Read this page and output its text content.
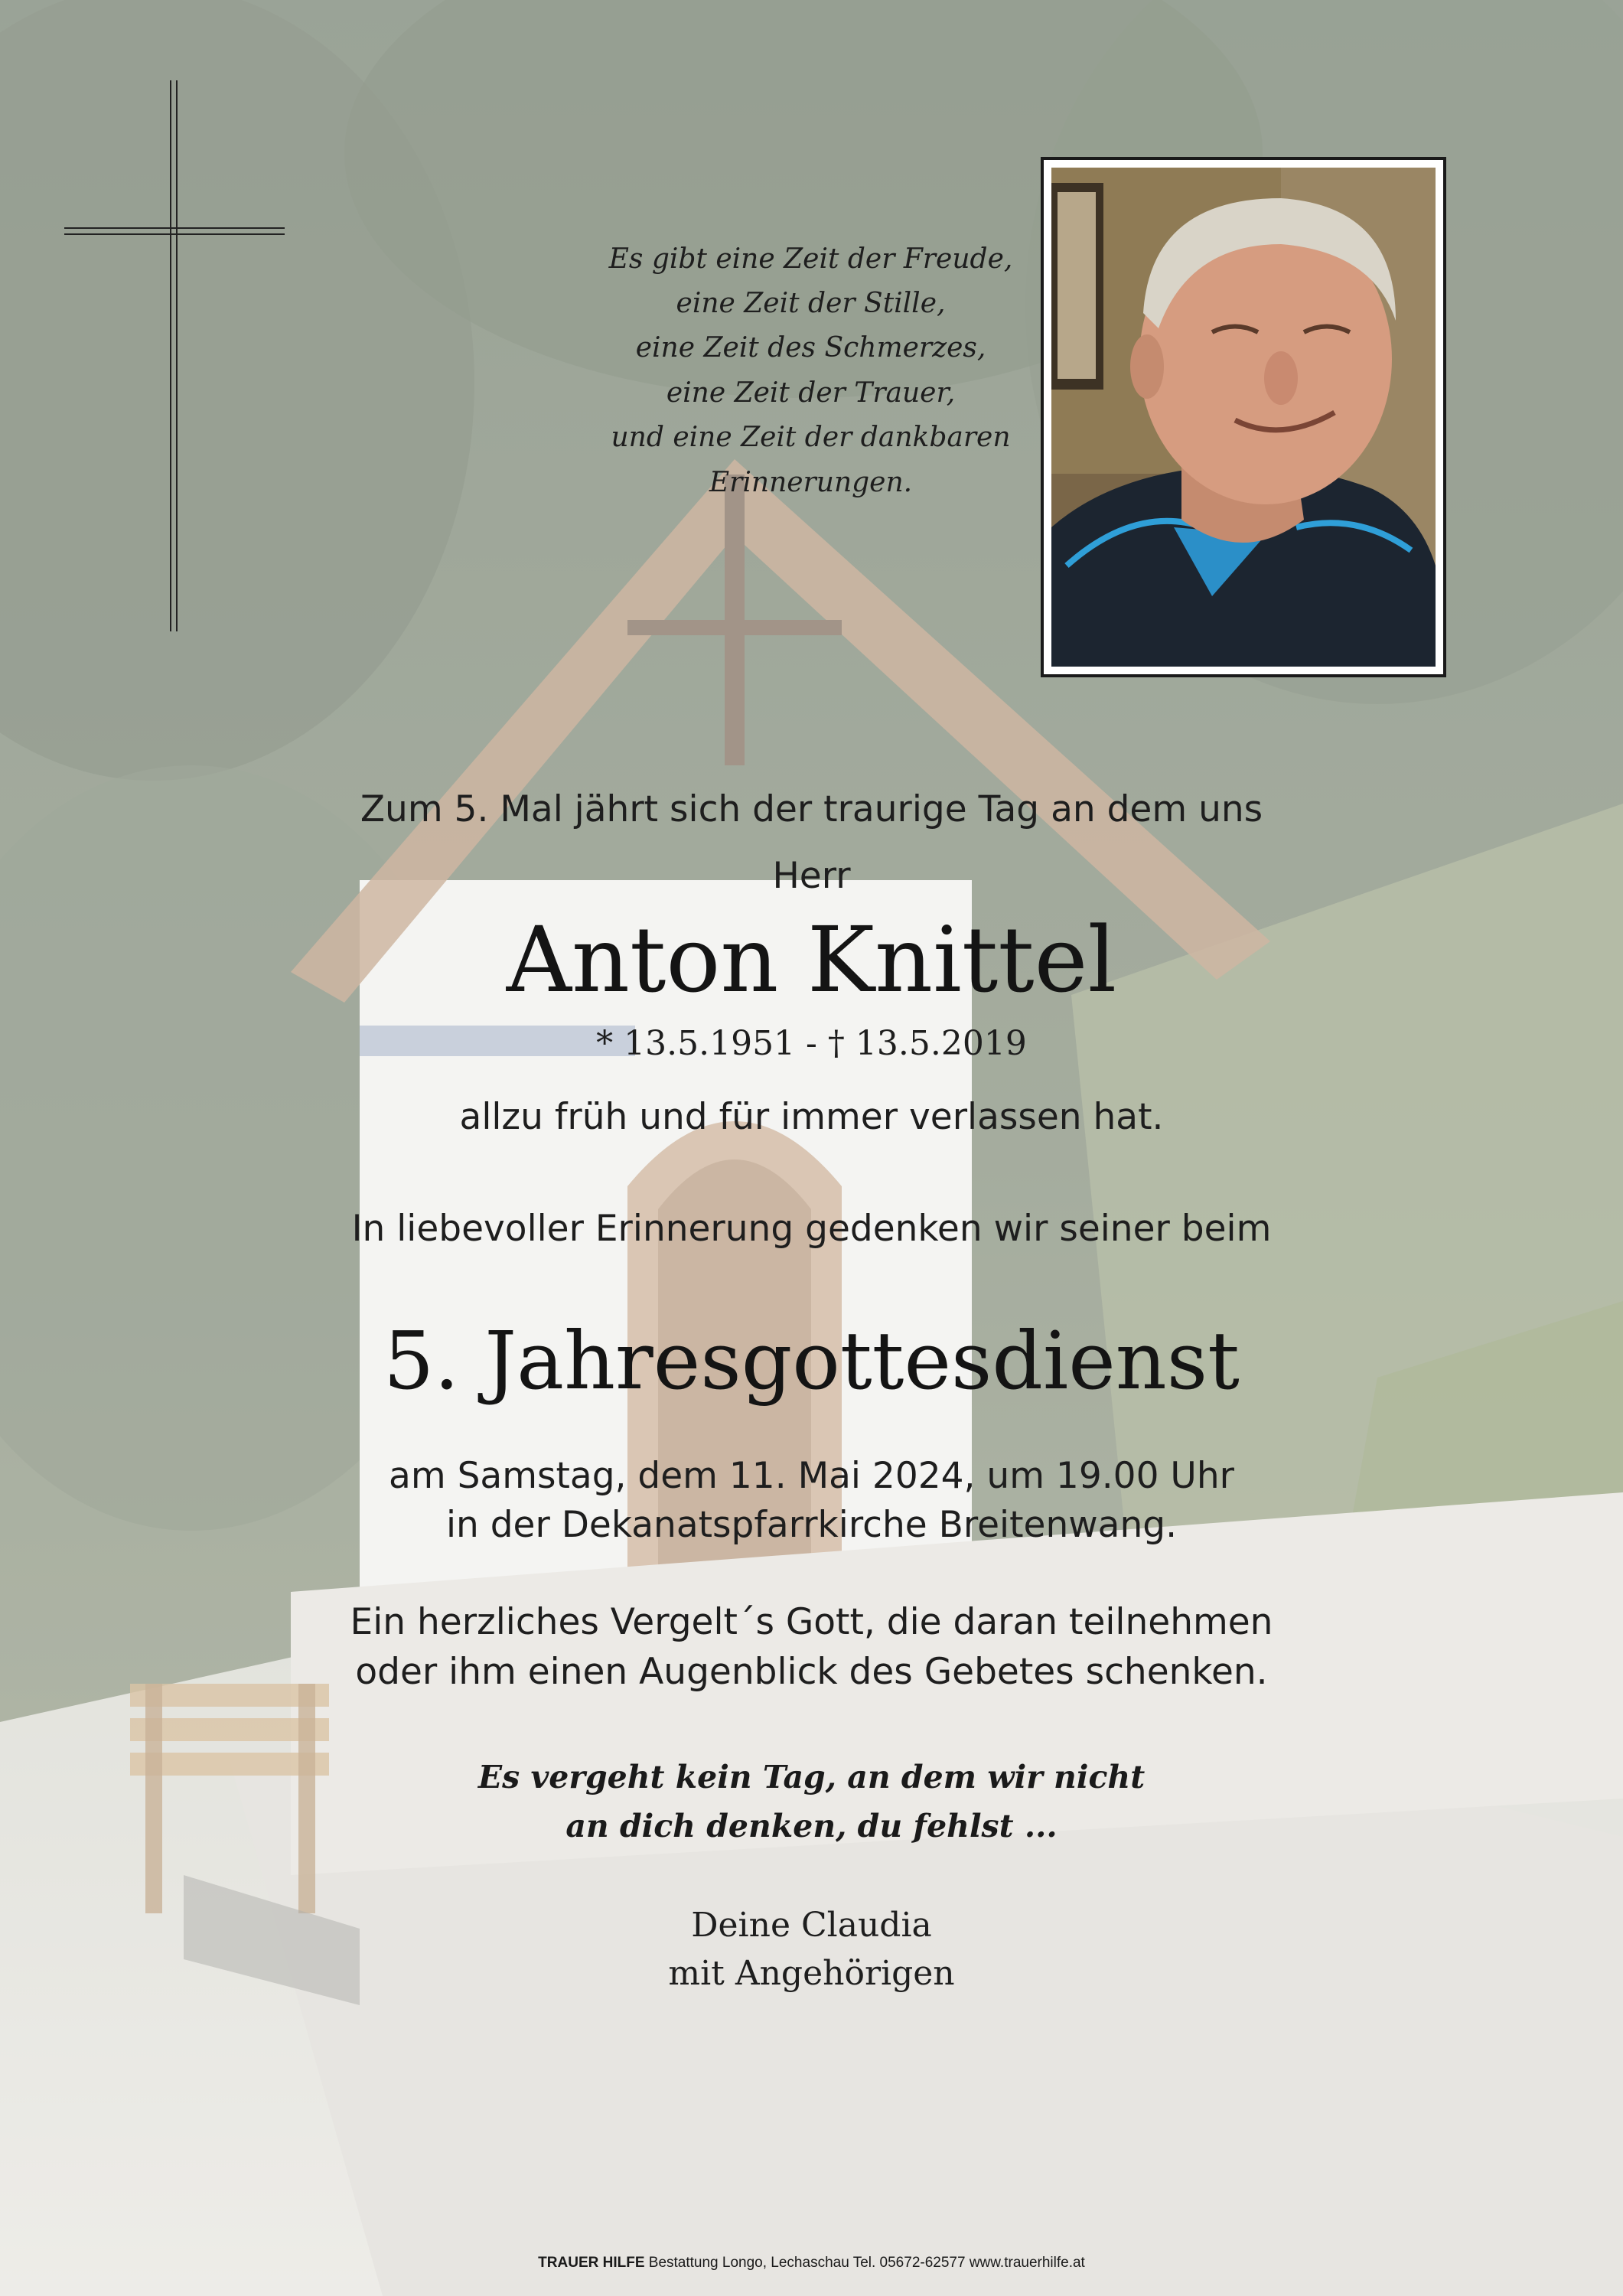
Es gibt eine Zeit der Freude,
eine Zeit der Stille,
eine Zeit des Schmerzes,
eine Zeit der Trauer,
und eine Zeit der dankbaren
Erinnerungen.
Zum 5. Mal jährt sich der traurige Tag an dem uns
Herr
Anton Knittel
* 13.5.1951 - † 13.5.2019
allzu früh und für immer verlassen hat.
In liebevoller Erinnerung gedenken wir seiner beim
5. Jahresgottesdienst
am Samstag, dem 11. Mai 2024, um 19.00 Uhr
in der Dekanatspfarrkirche Breitenwang.
Ein herzliches Vergelt´s Gott, die daran teilnehmen
oder ihm einen Augenblick des Gebetes schenken.
Es vergeht kein Tag, an dem wir nicht
an dich denken, du fehlst ...
Deine Claudia
mit Angehörigen
TRAUER HILFE Bestattung Longo, Lechaschau Tel. 05672-62577 www.trauerhilfe.at
